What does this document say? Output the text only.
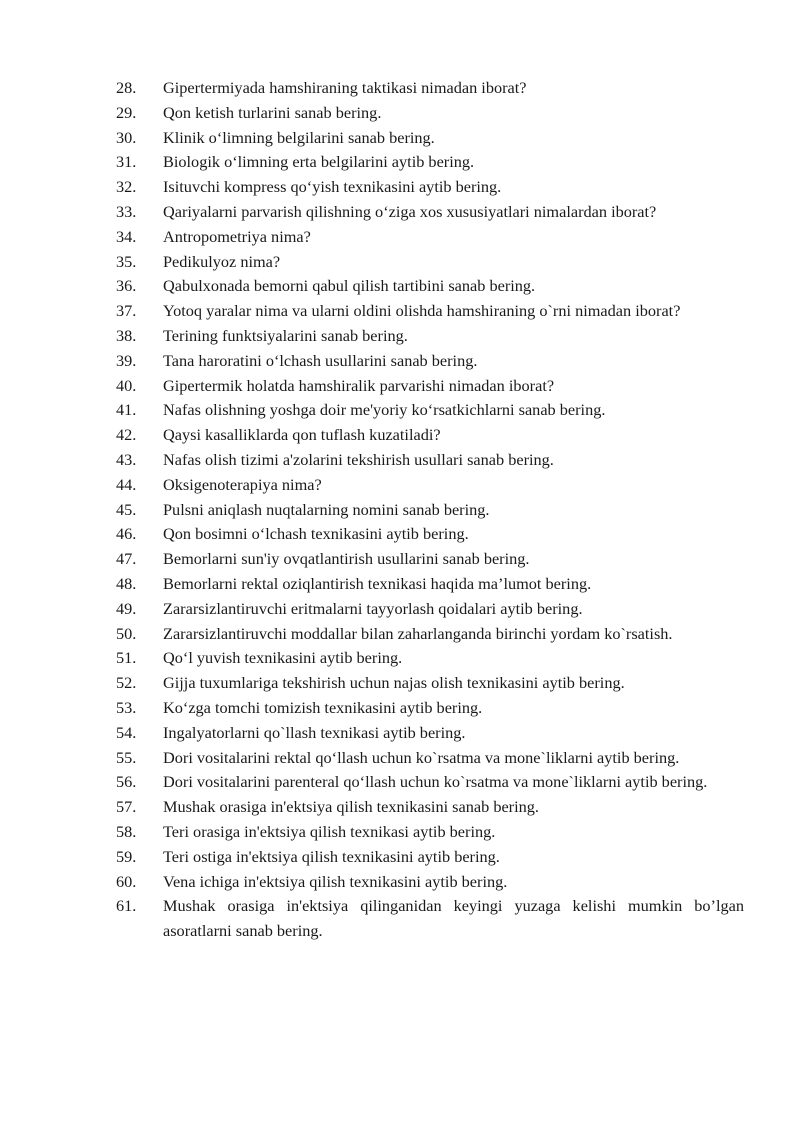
28.	Gipertermiyada hamshiraning taktikasi nimadan iborat?
29.	Qon ketish turlarini sanab bering.
30.	Klinik o‘limning belgilarini sanab bering.
31.	Biologik o‘limning erta belgilarini aytib bering.
32.	Isituvchi kompress qo‘yish texnikasini aytib bering.
33.	Qariyalarni parvarish qilishning o‘ziga xos xususiyatlari nimalardan iborat?
34.	Antropometriya nima?
35.	Pedikulyoz nima?
36.	Qabulxonada bemorni qabul qilish tartibini sanab bering.
37.	Yotoq yaralar nima va ularni oldini olishda hamshiraning o`rni nimadan iborat?
38.	Terining funktsiyalarini sanab bering.
39.	Tana haroratini o‘lchash usullarini sanab bering.
40.	Gipertermik holatda hamshiralik parvarishi nimadan iborat?
41.	Nafas olishning yoshga doir me'yoriy ko‘rsatkichlarni sanab bering.
42.	Qaysi kasalliklarda qon tuflash kuzatiladi?
43.	Nafas olish tizimi a'zolarini tekshirish usullari sanab bering.
44.	Oksigenoterapiya nima?
45.	Pulsni aniqlash nuqtalarning nomini sanab bering.
46.	Qon bosimni o‘lchash texnikasini aytib bering.
47.	Bemorlarni sun'iy ovqatlantirish usullarini sanab bering.
48.	Bemorlarni rektal oziqlantirish texnikasi haqida ma’lumot bering.
49.	Zararsizlantiruvchi eritmalarni tayyorlash qoidalari aytib bering.
50.	Zararsizlantiruvchi moddallar bilan zaharlanganda birinchi yordam ko`rsatish.
51.	Qo‘l yuvish texnikasini aytib bering.
52.	Gijja tuxumlariga tekshirish uchun najas olish texnikasini aytib bering.
53.	Ko‘zga tomchi tomizish texnikasini aytib bering.
54.	Ingalyatorlarni qo`llash texnikasi aytib bering.
55.	Dori vositalarini rektal qo‘llash uchun ko`rsatma va mone`liklarni aytib bering.
56.	Dori vositalarini parenteral qo‘llash uchun ko`rsatma va mone`liklarni aytib bering.
57.	Mushak orasiga in'ektsiya qilish texnikasini sanab bering.
58.	Teri orasiga in'ektsiya qilish texnikasi aytib bering.
59.	Teri ostiga in'ektsiya qilish texnikasini aytib bering.
60.	Vena ichiga in'ektsiya qilish texnikasini aytib bering.
61.	Mushak orasiga in'ektsiya qilinganidan keyingi yuzaga kelishi mumkin bo’lgan asoratlarni sanab bering.
